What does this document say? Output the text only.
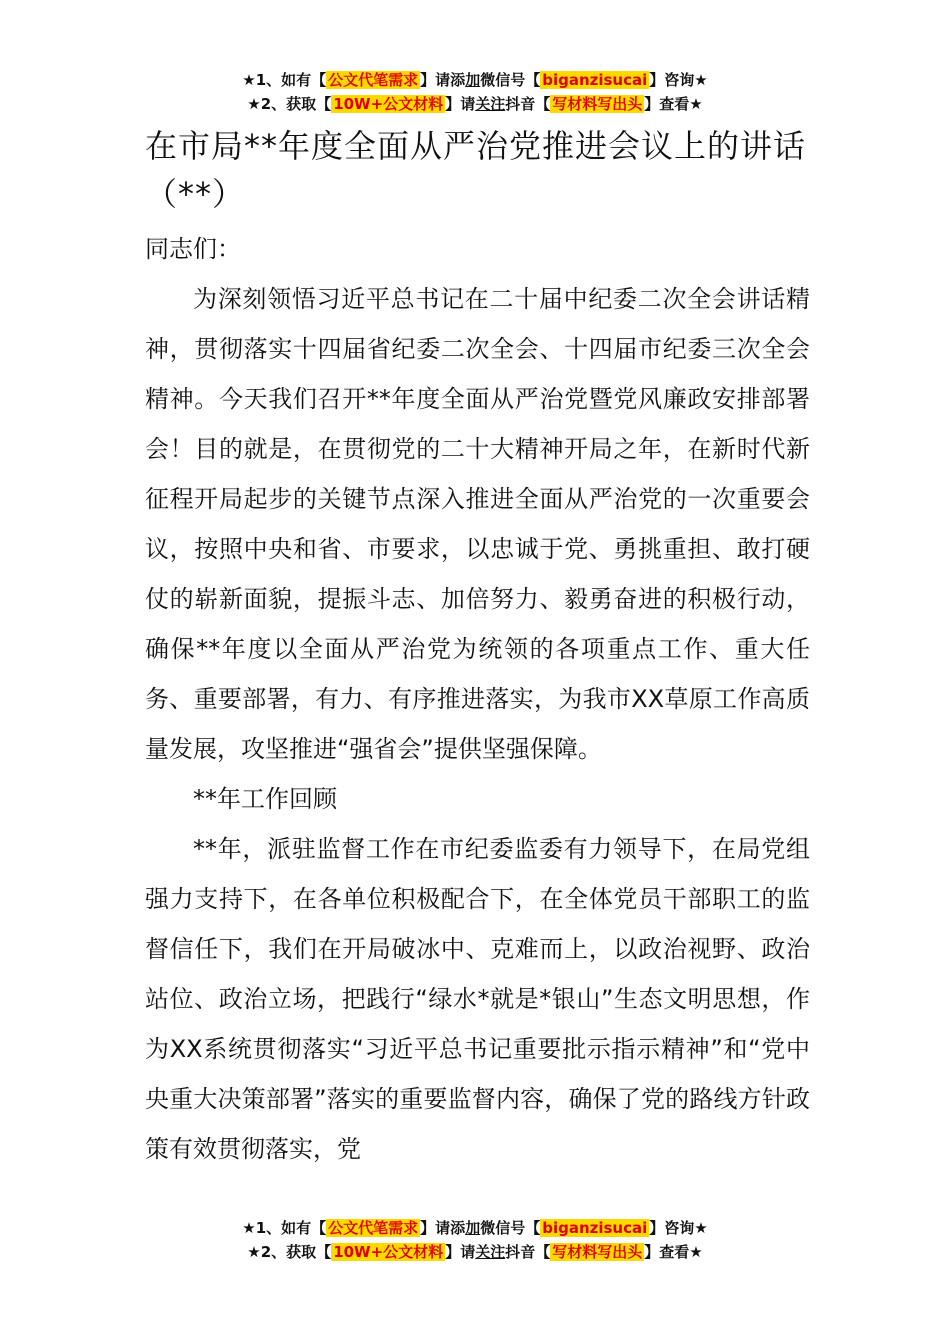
★1、如有【 公文代笔需求 】请添加微信号【 biganzisucai 】咨询★
★2、获取【 10W+公文材料 】请关注抖音【 写材料写出头 】查看★
在市局**年度全面从严治党推进会议上的讲话（**）

同志们：

为深刻领悟习近平总书记在二十届中纪委二次全会讲话精神，贯彻落实十四届省纪委二次全会、十四届市纪委三次全会精神。今天我们召开**年度全面从严治党暨党风廉政安排部署会！目的就是，在贯彻党的二十大精神开局之年，在新时代新征程开局起步的关键节点深入推进全面从严治党的一次重要会议，按照中央和省、市要求，以忠诚于党、勇挑重担、敢打硬仗的崭新面貌，提振斗志、加倍努力、毅勇奋进的积极行动，确保**年度以全面从严治党为统领的各项重点工作、重大任务、重要部署，有力、有序推进落实，为我市XX草原工作高质量发展，攻坚推进“强省会”提供坚强保障。

**年工作回顾

**年，派驻监督工作在市纪委监委有力领导下，在局党组强力支持下，在各单位积极配合下，在全体党员干部职工的监督信任下，我们在开局破冰中、克难而上，以政治视野、政治站位、政治立场，把践行“绿水*就是*银山”生态文明思想，作为XX系统贯彻落实“习近平总书记重要批示指示精神”和“党中央重大决策部署”落实的重要监督内容，确保了党的路线方针政策有效贯彻落实，党

★1、如有【 公文代笔需求 】请添加微信号【 biganzisucai 】咨询★
★2、获取【 10W+公文材料 】请关注抖音【 写材料写出头 】查看★
